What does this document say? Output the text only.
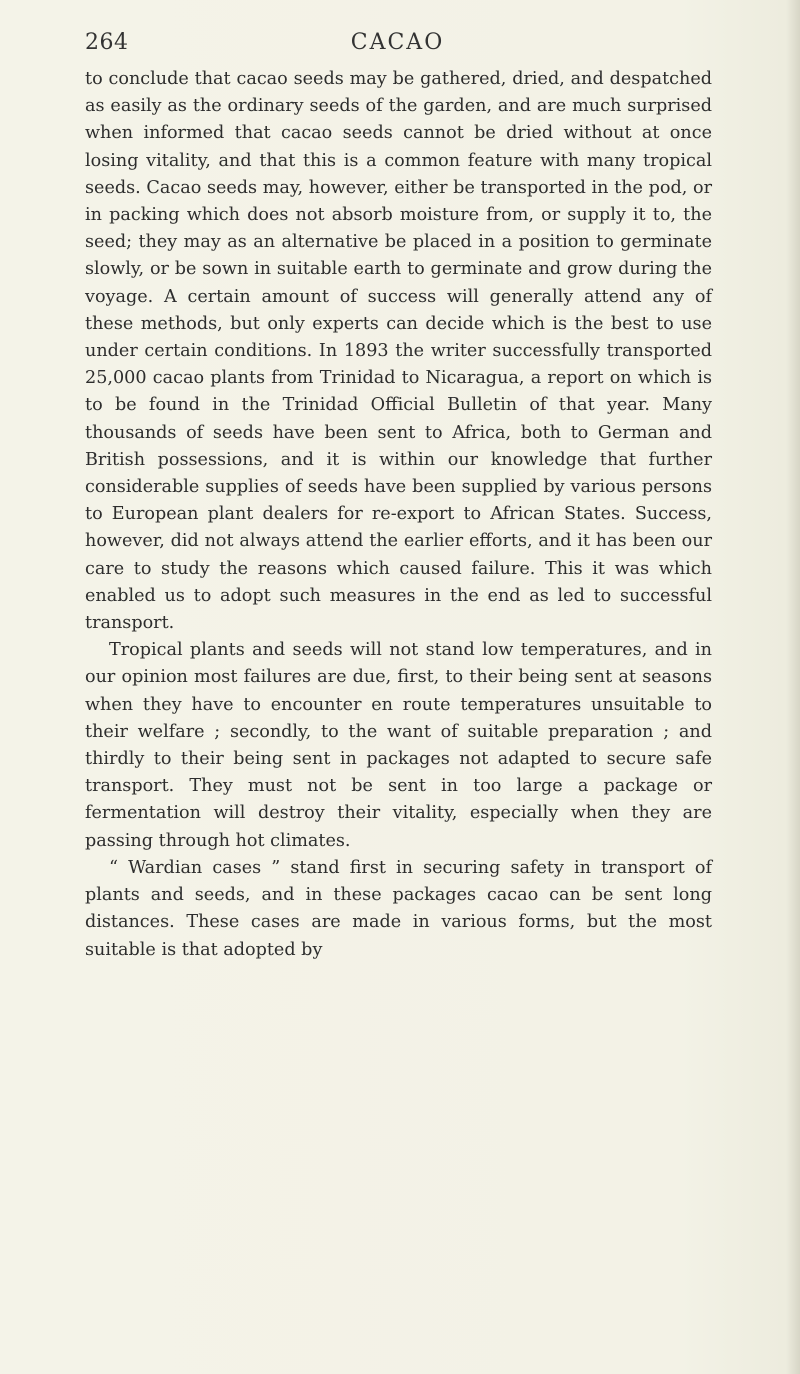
264	CACAO

to conclude that cacao seeds may be gathered, dried, and despatched as easily as the ordinary seeds of the garden, and are much surprised when informed that cacao seeds cannot be dried without at once losing vitality, and that this is a common feature with many tropical seeds. Cacao seeds may, however, either be transported in the pod, or in packing which does not absorb moisture from, or supply it to, the seed; they may as an alternative be placed in a position to germinate slowly, or be sown in suitable earth to germinate and grow during the voyage. A certain amount of success will generally attend any of these methods, but only experts can decide which is the best to use under certain conditions. In 1893 the writer successfully transported 25,000 cacao plants from Trinidad to Nicaragua, a report on which is to be found in the Trinidad Official Bulletin of that year. Many thousands of seeds have been sent to Africa, both to German and British possessions, and it is within our knowledge that further considerable supplies of seeds have been supplied by various persons to European plant dealers for re-export to African States. Success, however, did not always attend the earlier efforts, and it has been our care to study the reasons which caused failure. This it was which enabled us to adopt such measures in the end as led to successful transport.

Tropical plants and seeds will not stand low temperatures, and in our opinion most failures are due, first, to their being sent at seasons when they have to encounter en route temperatures unsuitable to their welfare ; secondly, to the want of suitable preparation ; and thirdly to their being sent in packages not adapted to secure safe transport. They must not be sent in too large a package or fermentation will destroy their vitality, especially when they are passing through hot climates.

“ Wardian cases ” stand first in securing safety in transport of plants and seeds, and in these packages cacao can be sent long distances. These cases are made in various forms, but the most suitable is that adopted by
